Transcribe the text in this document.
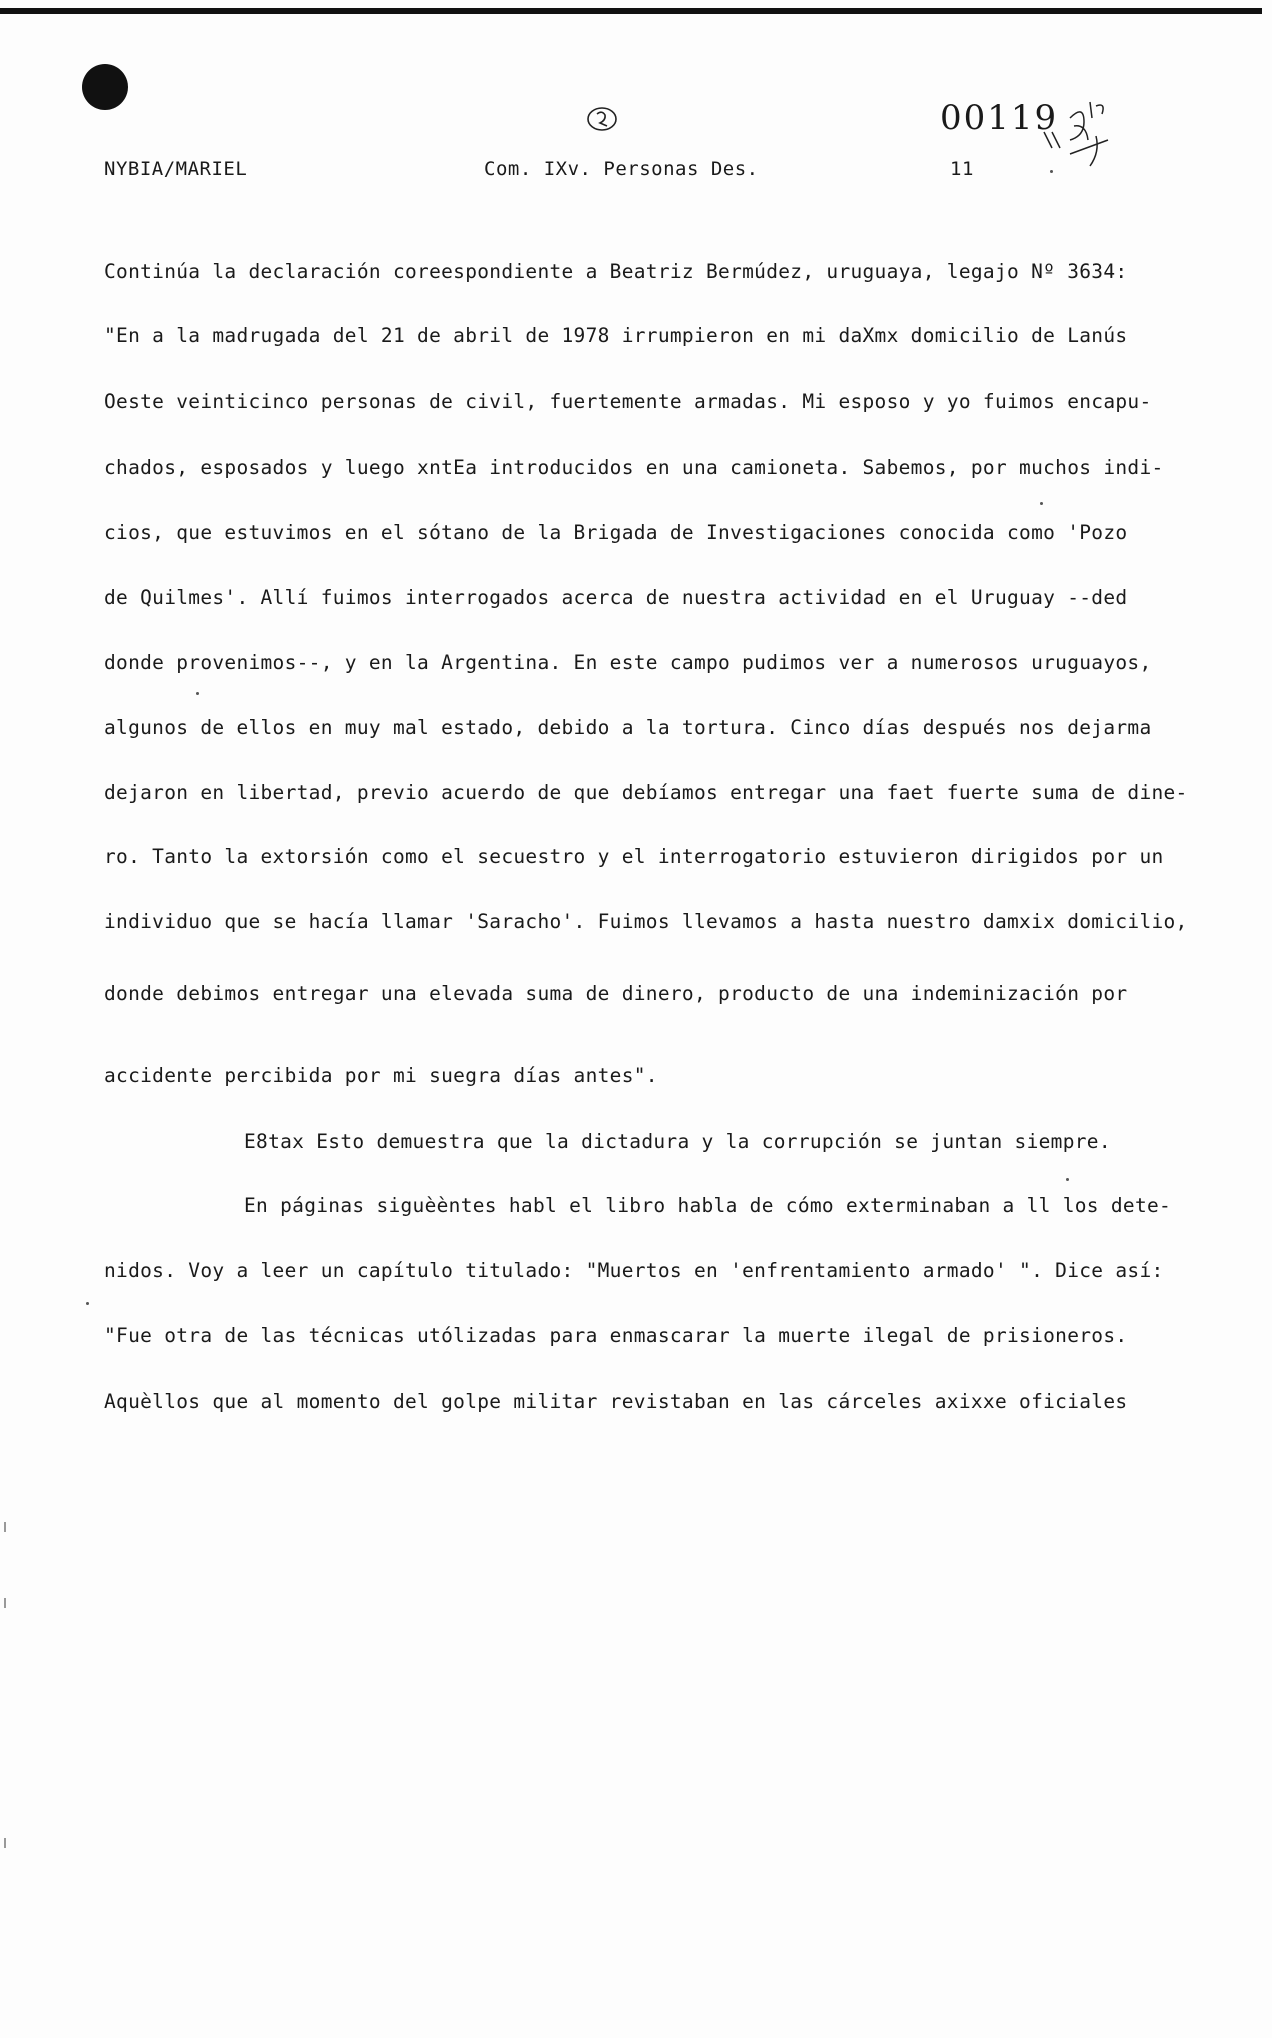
00119
NYBIA/MARIEL	Com. IXv. Personas Des.	11
Continúa la declaración coreespondiente a Beatriz Bermúdez, uruguaya, legajo Nº 3634:
"En a la madrugada del 21 de abril de 1978 irrumpieron en mi daXmx domicilio de Lanús
Oeste veinticinco personas de civil, fuertemente armadas. Mi esposo y yo fuimos encapu-
chados, esposados y luego xntEa introducidos en una camioneta. Sabemos, por muchos indi-
cios, que estuvimos en el sótano de la Brigada de Investigaciones conocida como 'Pozo
de Quilmes'. Allí fuimos interrogados acerca de nuestra actividad en el Uruguay --ded
donde provenimos--, y en la Argentina. En este campo pudimos ver a numerosos uruguayos,
algunos de ellos en muy mal estado, debido a la tortura. Cinco días después nos dejarma
dejaron en libertad, previo acuerdo de que debíamos entregar una faet fuerte suma de dine-
ro. Tanto la extorsión como el secuestro y el interrogatorio estuvieron dirigidos por un
individuo que se hacía llamar 'Saracho'. Fuimos llevamos a hasta nuestro damxix domicilio,
donde debimos entregar una elevada suma de dinero, producto de una indeminización por
accidente percibida por mi suegra días antes".
E8tax Esto demuestra que la dictadura y la corrupción se juntan siempre.
En páginas siguèèntes habl el libro habla de cómo exterminaban a ll los dete-
nidos. Voy a leer un capítulo titulado: "Muertos en 'enfrentamiento armado' ". Dice así:
"Fue otra de las técnicas utólizadas para enmascarar la muerte ilegal de prisioneros.
Aquèllos que al momento del golpe militar revistaban en las cárceles axixxe oficiales
